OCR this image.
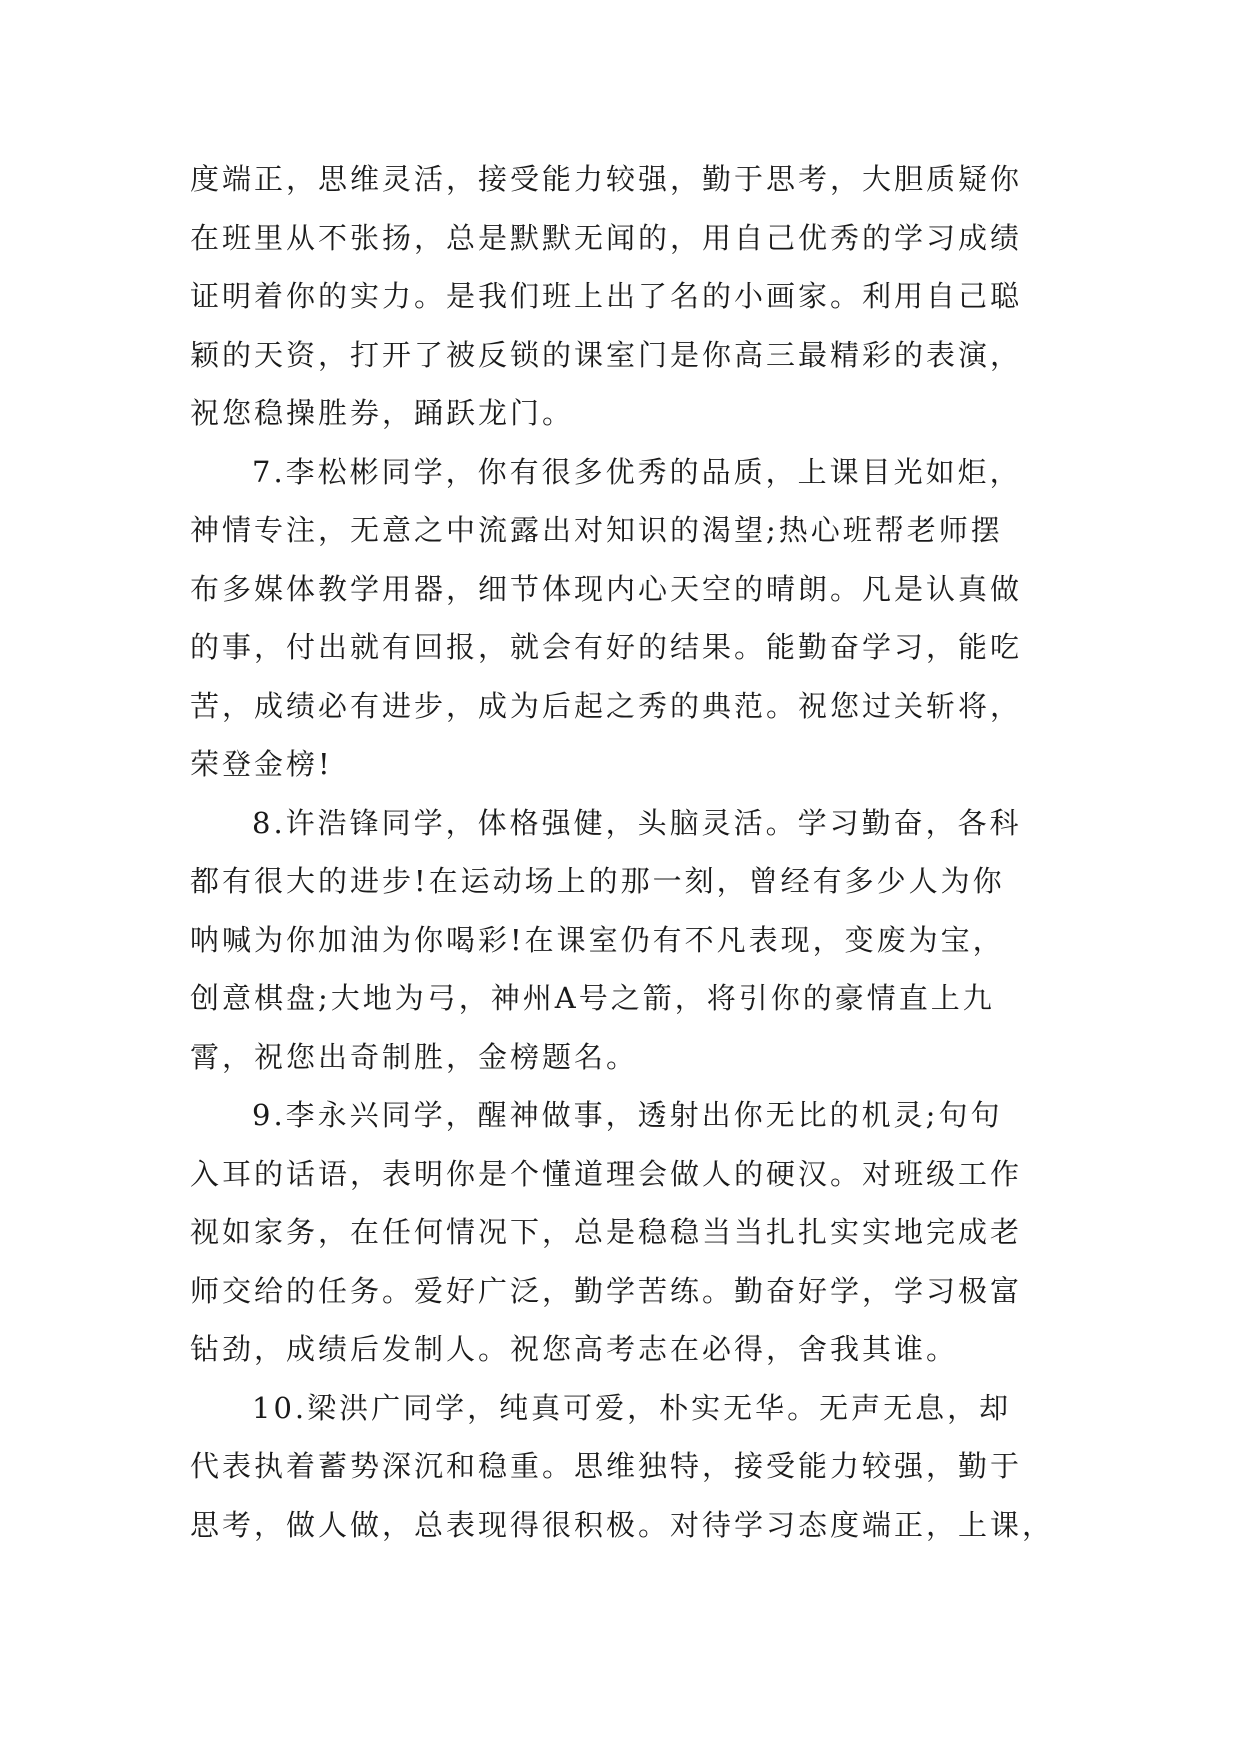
度端正，思维灵活，接受能力较强，勤于思考，大胆质疑你
在班里从不张扬，总是默默无闻的，用自己优秀的学习成绩
证明着你的实力。是我们班上出了名的小画家。利用自己聪
颖的天资，打开了被反锁的课室门是你高三最精彩的表演，
祝您稳操胜券，踊跃龙门。
7.李松彬同学，你有很多优秀的品质，上课目光如炬，
神情专注，无意之中流露出对知识的渴望;热心班帮老师摆
布多媒体教学用器，细节体现内心天空的晴朗。凡是认真做
的事，付出就有回报，就会有好的结果。能勤奋学习，能吃
苦，成绩必有进步，成为后起之秀的典范。祝您过关斩将，
荣登金榜!
8.许浩锋同学，体格强健，头脑灵活。学习勤奋，各科
都有很大的进步!在运动场上的那一刻，曾经有多少人为你
呐喊为你加油为你喝彩!在课室仍有不凡表现，变废为宝，
创意棋盘;大地为弓，神州A号之箭，将引你的豪情直上九
霄，祝您出奇制胜，金榜题名。
9.李永兴同学，醒神做事，透射出你无比的机灵;句句
入耳的话语，表明你是个懂道理会做人的硬汉。对班级工作
视如家务，在任何情况下，总是稳稳当当扎扎实实地完成老
师交给的任务。爱好广泛，勤学苦练。勤奋好学，学习极富
钻劲，成绩后发制人。祝您高考志在必得，舍我其谁。
10.梁洪广同学，纯真可爱，朴实无华。无声无息，却
代表执着蓄势深沉和稳重。思维独特，接受能力较强，勤于
思考，做人做，总表现得很积极。对待学习态度端正，上课，
